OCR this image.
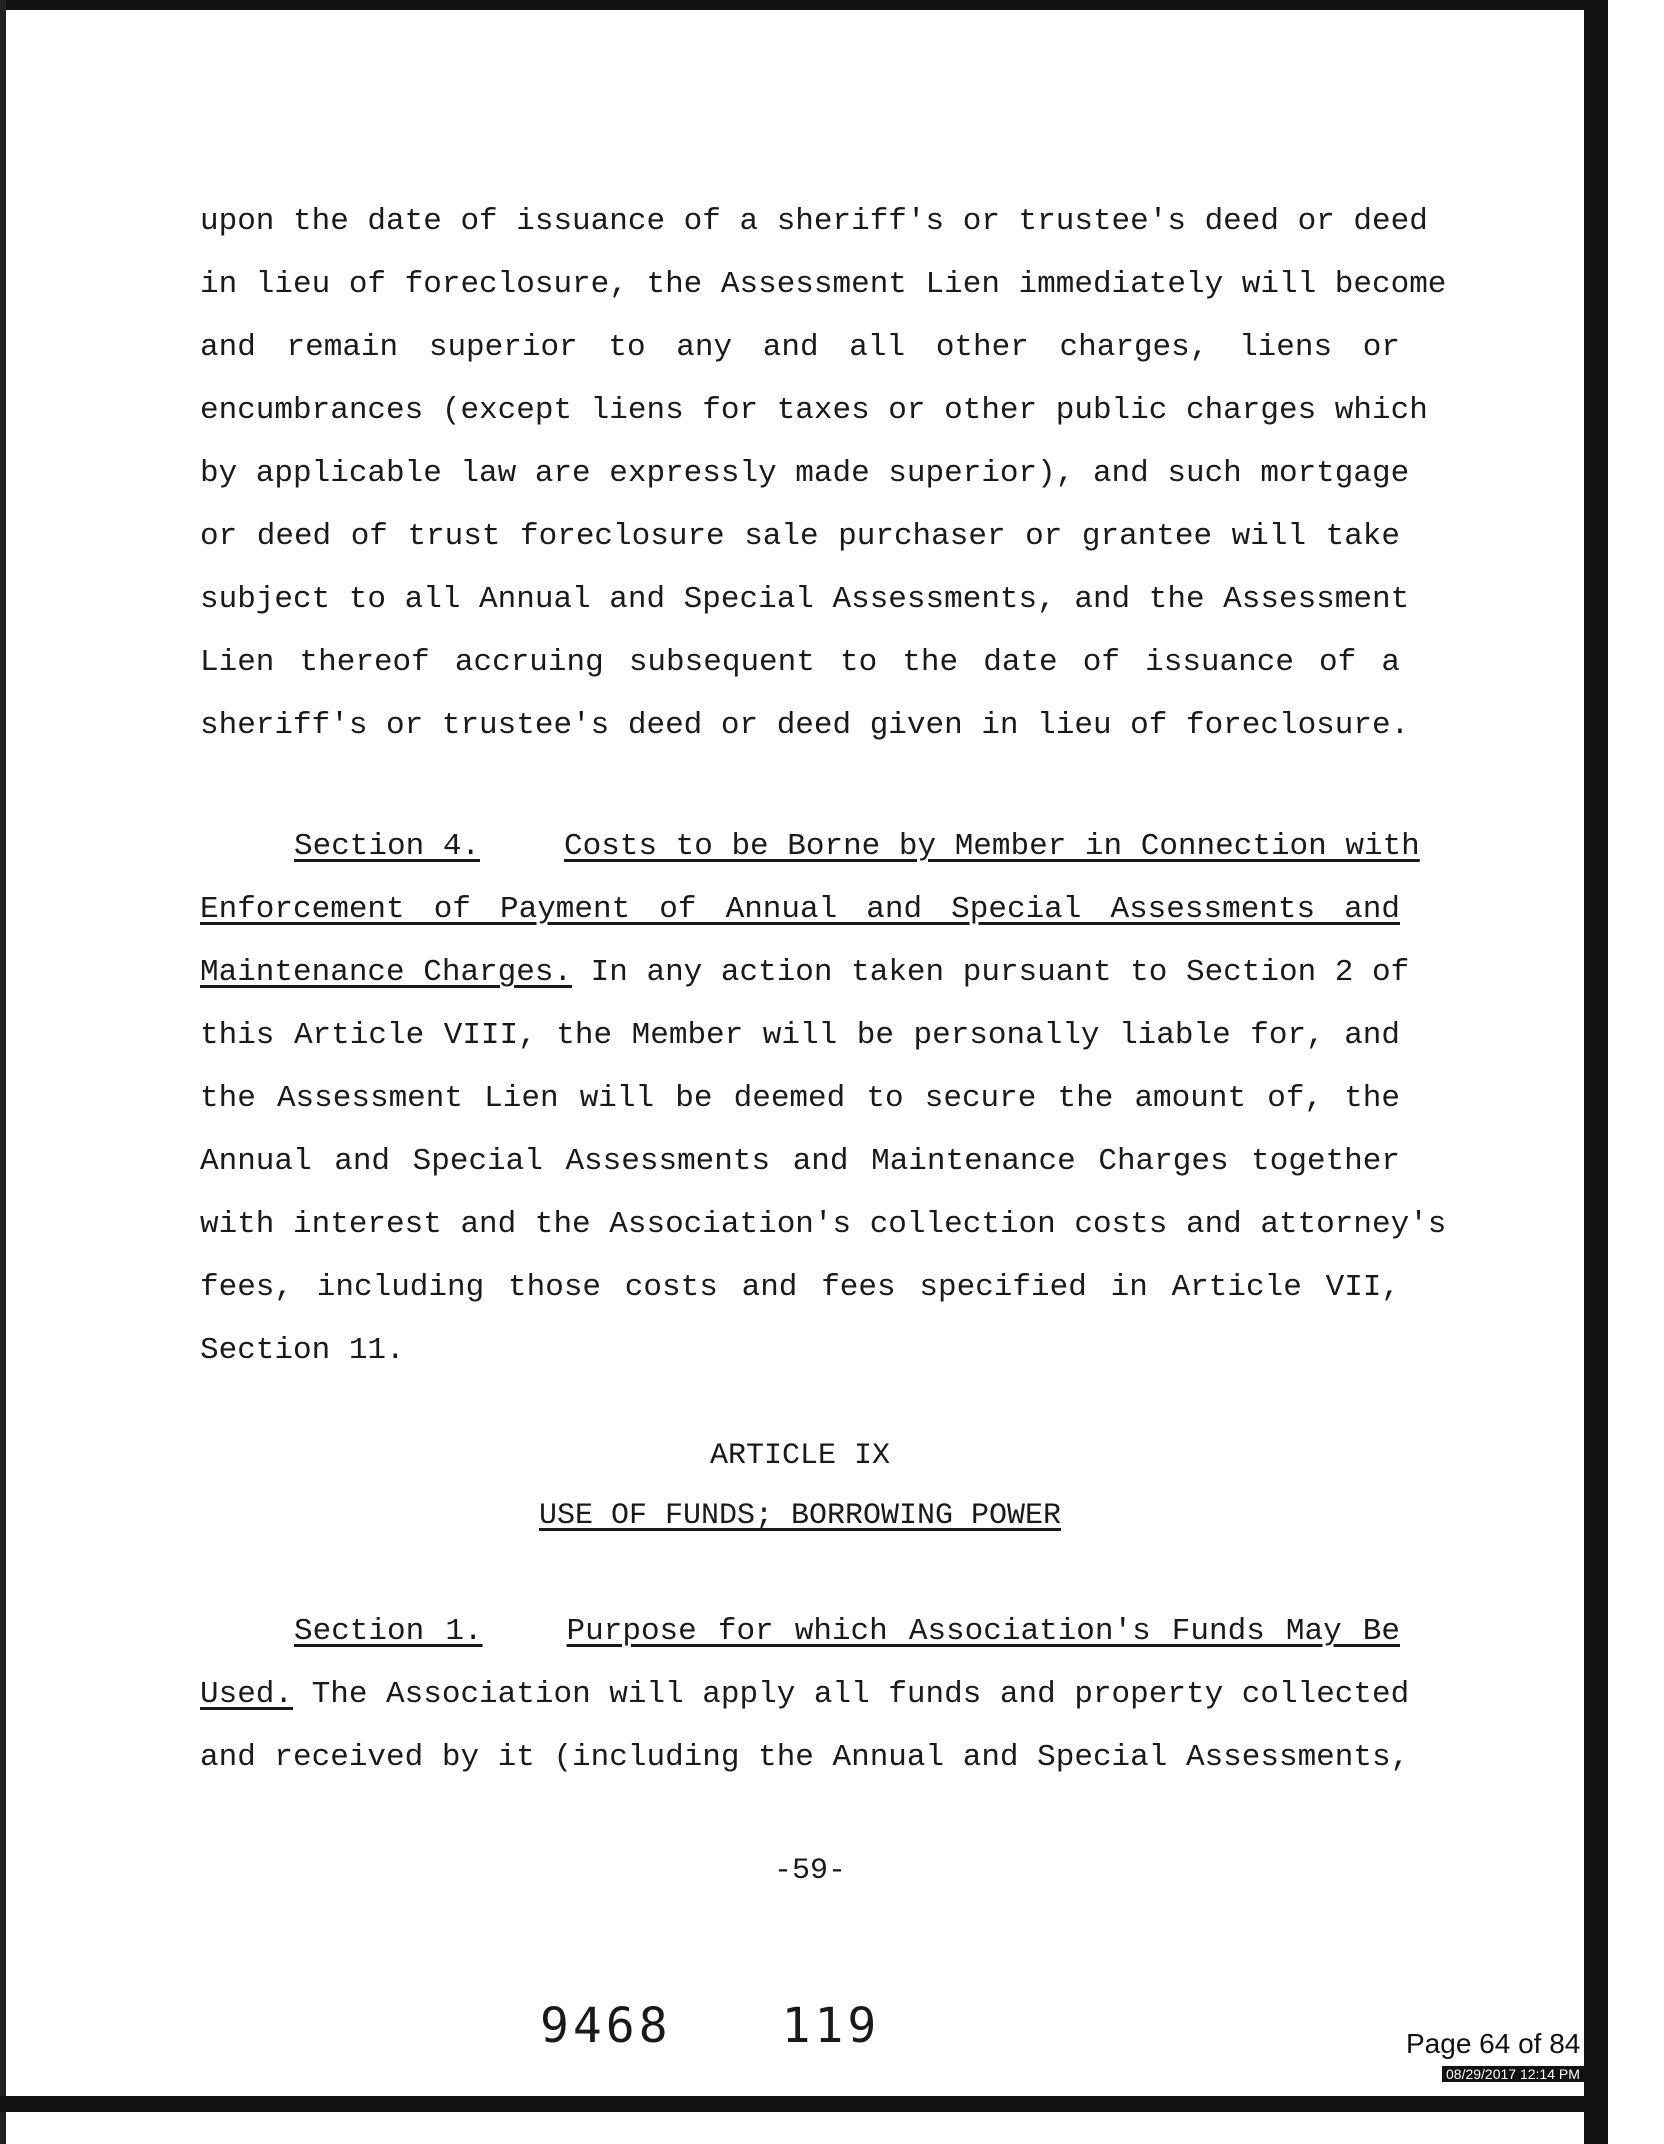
upon the date of issuance of a sheriff's or trustee's deed or deed
in lieu of foreclosure, the Assessment Lien immediately will become
and remain superior to any and all other charges, liens or
encumbrances (except liens for taxes or other public charges which
by applicable law are expressly made superior), and such mortgage
or deed of trust foreclosure sale purchaser or grantee will take
subject to all Annual and Special Assessments, and the Assessment
Lien thereof accruing subsequent to the date of issuance of a
sheriff's or trustee's deed or deed given in lieu of foreclosure.
Section 4.	Costs to be Borne by Member in Connection with
Enforcement of Payment of Annual and Special Assessments and
Maintenance Charges. In any action taken pursuant to Section 2 of
this Article VIII, the Member will be personally liable for, and
the Assessment Lien will be deemed to secure the amount of, the
Annual and Special Assessments and Maintenance Charges together
with interest and the Association's collection costs and attorney's
fees, including those costs and fees specified in Article VII,
Section 11.
ARTICLE IX
USE OF FUNDS; BORROWING POWER
Section 1.	Purpose for which Association's Funds May Be
Used. The Association will apply all funds and property collected
and received by it (including the Annual and Special Assessments,
-59-
9468 119	Page 64 of 84
08/29/2017 12:14 PM
